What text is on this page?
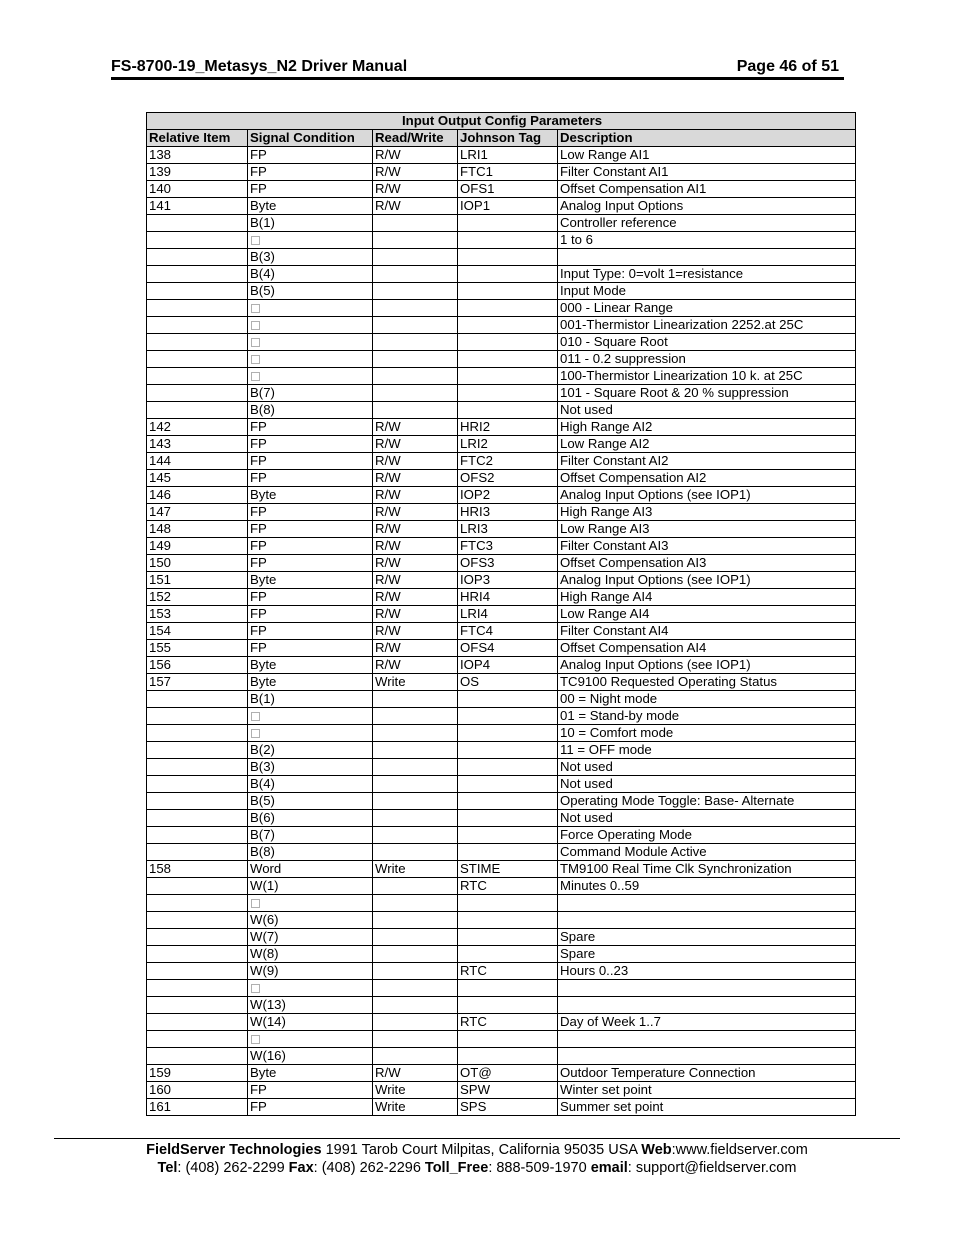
FS-8700-19_Metasys_N2 Driver Manual	Page 46 of 51
Input Output Config Parameters				
Relative Item	Signal Condition	Read/Write	Johnson Tag	Description
138	FP	R/W	LRI1	Low Range AI1
139	FP	R/W	FTC1	Filter Constant AI1
140	FP	R/W	OFS1	Offset Compensation AI1
141	Byte	R/W	IOP1	Analog Input Options
	B(1)			Controller reference
				1 to 6
	B(3)			
	B(4)			Input Type: 0=volt 1=resistance
	B(5)			Input Mode
				000 - Linear Range
				001-Thermistor Linearization 2252.at 25C
				010 - Square Root
				011 - 0.2 suppression
				100-Thermistor Linearization 10 k. at 25C
	B(7)			101 - Square Root & 20 % suppression
	B(8)			Not used
142	FP	R/W	HRI2	High Range AI2
143	FP	R/W	LRI2	Low Range AI2
144	FP	R/W	FTC2	Filter Constant AI2
145	FP	R/W	OFS2	Offset Compensation AI2
146	Byte	R/W	IOP2	Analog Input Options (see IOP1)
147	FP	R/W	HRI3	High Range AI3
148	FP	R/W	LRI3	Low Range AI3
149	FP	R/W	FTC3	Filter Constant AI3
150	FP	R/W	OFS3	Offset Compensation AI3
151	Byte	R/W	IOP3	Analog Input Options (see IOP1)
152	FP	R/W	HRI4	High Range AI4
153	FP	R/W	LRI4	Low Range AI4
154	FP	R/W	FTC4	Filter Constant AI4
155	FP	R/W	OFS4	Offset Compensation AI4
156	Byte	R/W	IOP4	Analog Input Options (see IOP1)
157	Byte	Write	OS	TC9100 Requested Operating Status
	B(1)			00 = Night mode
				01 = Stand-by mode
				10 = Comfort mode
	B(2)			11 = OFF mode
	B(3)			Not used
	B(4)			Not used
	B(5)			Operating Mode Toggle: Base- Alternate
	B(6)			Not used
	B(7)			Force Operating Mode
	B(8)			Command Module Active
158	Word	Write	STIME	TM9100 Real Time Clk Synchronization
	W(1)		RTC	Minutes 0..59

	W(6)			
	W(7)			Spare
	W(8)			Spare
	W(9)		RTC	Hours 0..23

	W(13)			
	W(14)		RTC	Day of Week 1..7

	W(16)			
159	Byte	R/W	OT@	Outdoor Temperature Connection
160	FP	Write	SPW	Winter set point
161	FP	Write	SPS	Summer set point
FieldServer Technologies 1991 Tarob Court Milpitas, California 95035 USA Web:www.fieldserver.com
Tel: (408) 262-2299 Fax: (408) 262-2296 Toll_Free: 888-509-1970 email: support@fieldserver.com
